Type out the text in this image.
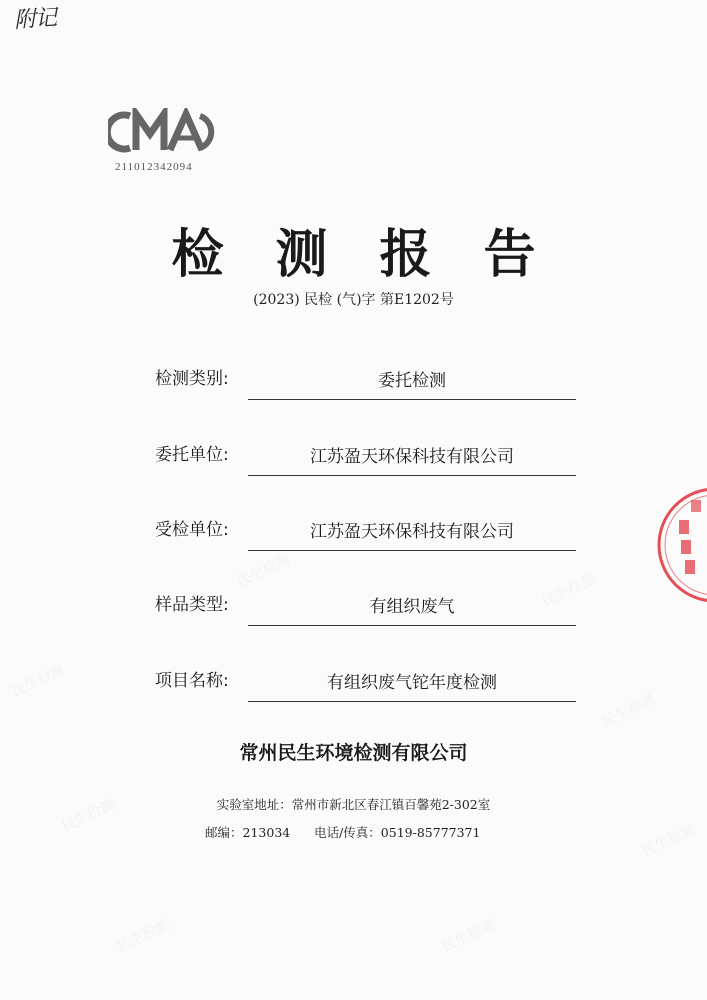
附记
211012342094
检测报告
(2023) 民检 (气)字 第E1202号
检测类别:	委托检测
委托单位:	江苏盈天环保科技有限公司
受检单位:	江苏盈天环保科技有限公司
样品类型:	有组织废气
项目名称:	有组织废气铊年度检测
常州民生环境检测有限公司
实验室地址：常州市新北区春江镇百馨苑2-302室
邮编：213034 电话/传真：0519-85777371
